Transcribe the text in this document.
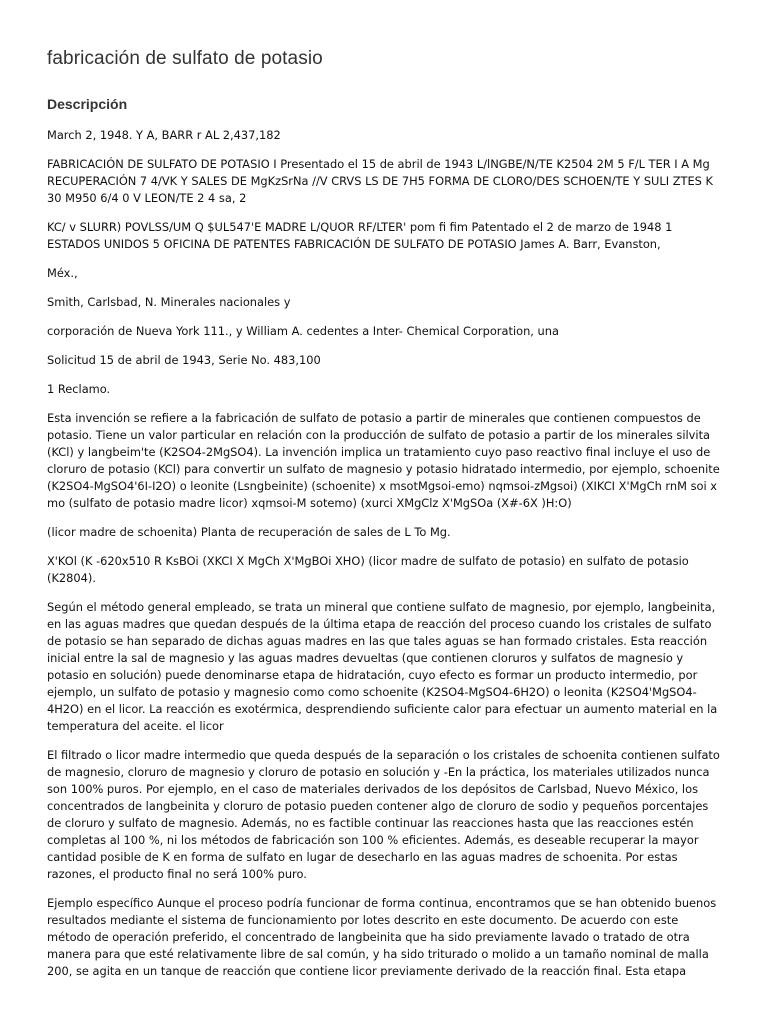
fabricación de sulfato de potasio
Descripción

March 2, 1948. Y A, BARR r AL 2,437,182

FABRICACIÓN DE SULFATO DE POTASIO I Presentado el 15 de abril de 1943 L/lNGBE/N/TE K2504 2M 5 F/L TER I A Mg RECUPERACIÓN 7 4/VK Y SALES DE MgKzSrNa //V CRVS LS DE 7H5 FORMA DE CLORO/DES SCHOEN/TE Y SULI ZTES K 30 M950 6/4 0 V LEON/TE 2 4 sa, 2

KC/ v SLURR) POVLSS/UM Q $UL547'E MADRE L/QUOR RF/LTER' pom fi fim Patentado el 2 de marzo de 1948 1 ESTADOS UNIDOS 5 OFICINA DE PATENTES FABRICACIÓN DE SULFATO DE POTASIO James A. Barr, Evanston,

Méx.,

Smith, Carlsbad, N. Minerales nacionales y

corporación de Nueva York 111., y William A. cedentes a Inter- Chemical Corporation, una

Solicitud 15 de abril de 1943, Serie No. 483,100

1 Reclamo.

Esta invención se refiere a la fabricación de sulfato de potasio a partir de minerales que contienen compuestos de potasio. Tiene un valor particular en relación con la producción de sulfato de potasio a partir de los minerales silvita (KCl) y langbeim'te (K2SO4-2MgSO4). La invención implica un tratamiento cuyo paso reactivo final incluye el uso de cloruro de potasio (KCl) para convertir un sulfato de magnesio y potasio hidratado intermedio, por ejemplo, schoenite (K2SO4-MgSO4'6I-I2O) o leonite (Lsngbeinite) (schoenite) x msotMgsoi-emo) nqmsoi-zMgsoi) (XIKCI X'MgCh rnM soi x mo (sulfato de potasio madre licor) xqmsoi-M sotemo) (xurci XMgClz X'MgSOa (X#-6X )H:O)

(licor madre de schoenita) Planta de recuperación de sales de L To Mg.

X'KOl (K -620x510 R KsBOi (XKCI X MgCh X'MgBOi XHO) (licor madre de sulfato de potasio) en sulfato de potasio (K2804).

Según el método general empleado, se trata un mineral que contiene sulfato de magnesio, por ejemplo, langbeinita, en las aguas madres que quedan después de la última etapa de reacción del proceso cuando los cristales de sulfato de potasio se han separado de dichas aguas madres en las que tales aguas se han formado cristales. Esta reacción inicial entre la sal de magnesio y las aguas madres devueltas (que contienen cloruros y sulfatos de magnesio y potasio en solución) puede denominarse etapa de hidratación, cuyo efecto es formar un producto intermedio, por ejemplo, un sulfato de potasio y magnesio como como schoenite (K2SO4-MgSO4-6H2O) o leonita (K2SO4'MgSO4-4H2O) en el licor. La reacción es exotérmica, desprendiendo suficiente calor para efectuar un aumento material en la temperatura del aceite. el licor

El filtrado o licor madre intermedio que queda después de la separación o los cristales de schoenita contienen sulfato de magnesio, cloruro de magnesio y cloruro de potasio en solución y -En la práctica, los materiales utilizados nunca son 100% puros. Por ejemplo, en el caso de materiales derivados de los depósitos de Carlsbad, Nuevo México, los concentrados de langbeinita y cloruro de potasio pueden contener algo de cloruro de sodio y pequeños porcentajes de cloruro y sulfato de magnesio. Además, no es factible continuar las reacciones hasta que las reacciones estén completas al 100 %, ni los métodos de fabricación son 100 % eficientes. Además, es deseable recuperar la mayor cantidad posible de K en forma de sulfato en lugar de desecharlo en las aguas madres de schoenita. Por estas razones, el producto final no será 100% puro.

Ejemplo específico Aunque el proceso podría funcionar de forma continua, encontramos que se han obtenido buenos resultados mediante el sistema de funcionamiento por lotes descrito en este documento. De acuerdo con este método de operación preferido, el concentrado de langbeinita que ha sido previamente lavado o tratado de otra manera para que esté relativamente libre de sal común, y ha sido triturado o molido a un tamaño nominal de malla 200, se agita en un tanque de reacción que contiene licor previamente derivado de la reacción final. Esta etapa
